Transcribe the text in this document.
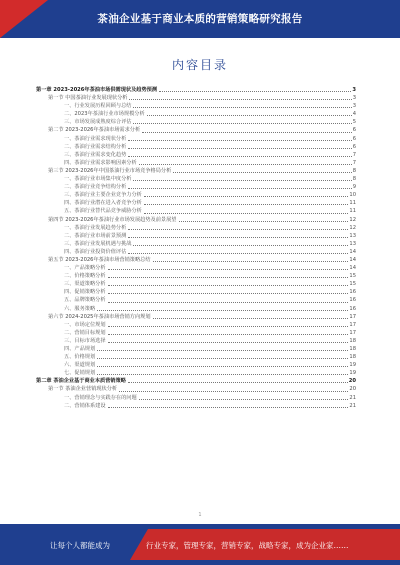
茶油企业基于商业本质的营销策略研究报告
内容目录
第一章 2023-2026年茶油市场供需现状及趋势预测	3
第一节 中国茶油行业发展现状分析	3
一、行业发展历程回顾与总结	3
二、2023年茶油行业市场规模分析	4
三、市场发展成熟度综合评估	5
第二节 2023-2026年茶油市场需求分析	6
一、茶油行业需求现状分析	6
二、茶油行业需求结构分析	6
三、茶油行业需求变化趋势	7
四、茶油行业需求影响因素分析	7
第三节 2023-2026年中国茶油行业市场竞争格局分析	8
一、茶油行业市场集中度分析	8
二、茶油行业竞争结构分析	9
三、茶油行业主要企业竞争力分析	10
四、茶油行业潜在进入者竞争分析	11
五、茶油行业替代品竞争威胁分析	11
第四节 2023-2026年茶油行业市场发展趋势及前景展望	12
一、茶油行业发展趋势分析	12
二、茶油行业市场前景预测	13
三、茶油行业发展机遇与挑战	13
四、茶油行业投资价值评估	14
第五节 2023-2026年茶油市场营销策略总结	14
一、产品策略分析	14
二、价格策略分析	15
三、渠道策略分析	15
四、促销策略分析	16
五、品牌策略分析	16
六、服务策略	16
第六节 2024-2025年茶油市场营销方向规划	17
一、市场定位规划	17
二、营销目标规划	17
三、目标市场选择	18
四、产品规划	18
五、价格规划	18
六、渠道规划	19
七、促销规划	19
第二章 茶油企业基于商业本质营销策略	20
第一节 茶油企业营销现状分析	20
一、营销理念与实践存在的问题	21
二、营销体系建设	21
1
让每个人都能成为	行业专家，管理专家，营销专家，战略专家，成为企业家……
